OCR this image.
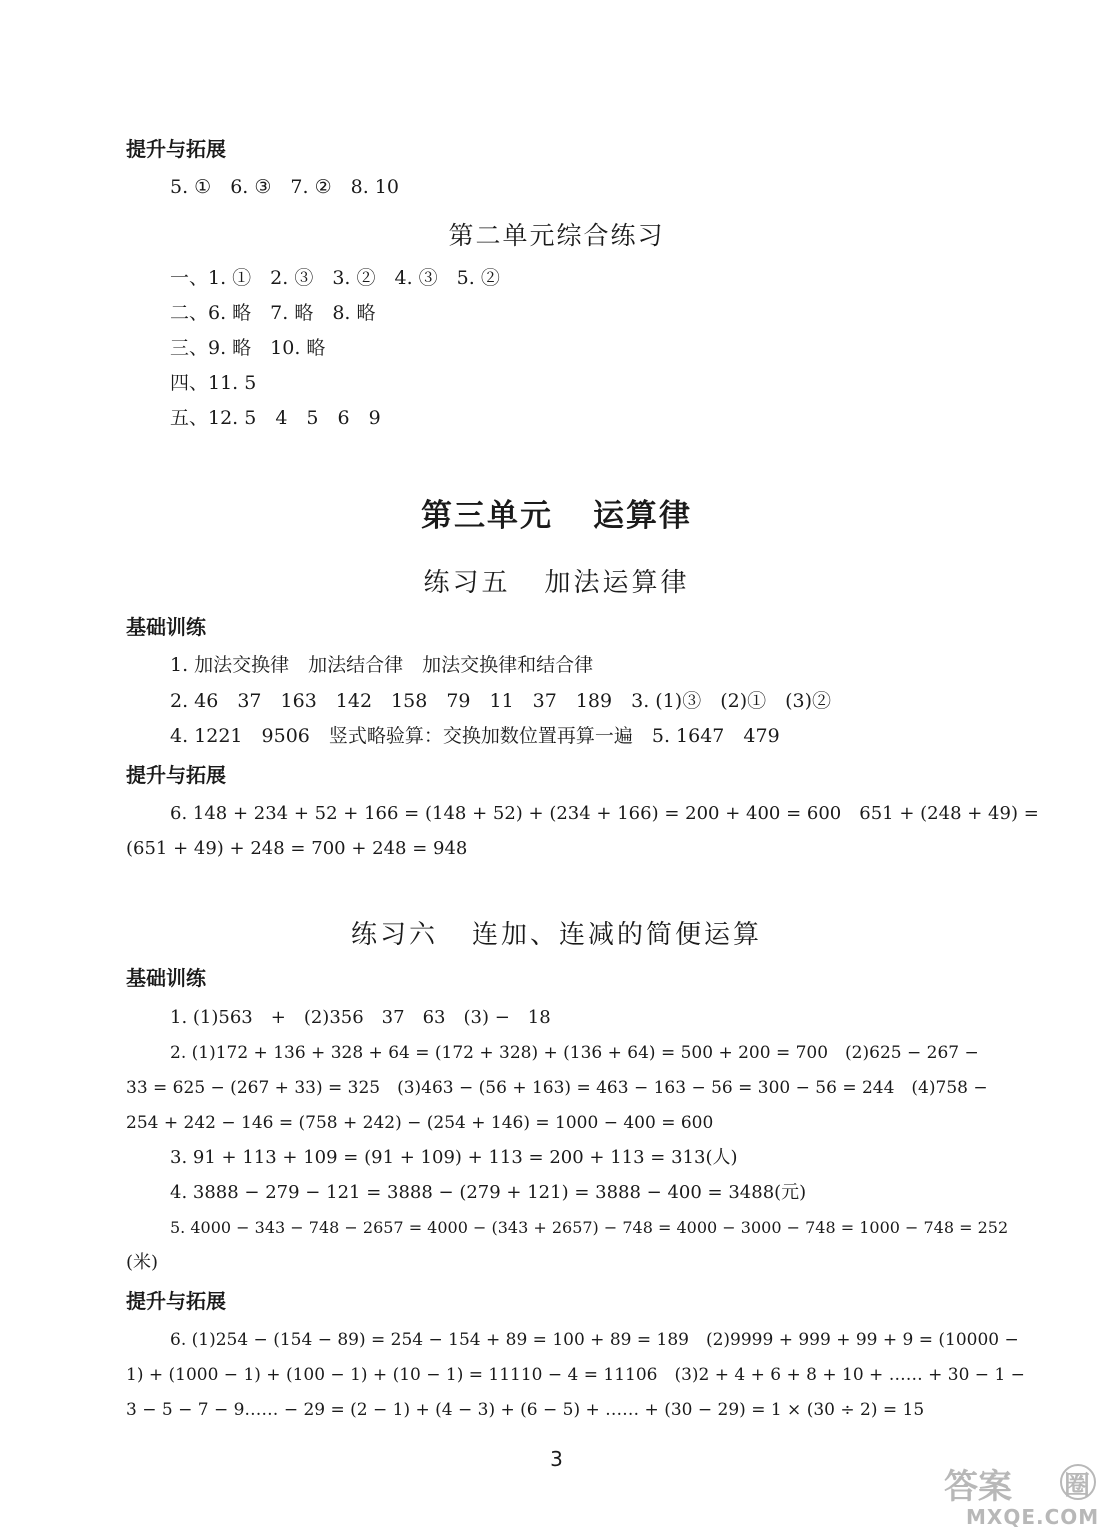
提升与拓展
5. ①　6. ③　7. ②　8. 10
第二单元综合练习
一、1. ①　2. ③　3. ②　4. ③　5. ②
二、6. 略　7. 略　8. 略
三、9. 略　10. 略
四、11. 5
五、12. 5　4　5　6　9
第三单元 运算律
练习五 加法运算律
基础训练
1. 加法交换律　加法结合律　加法交换律和结合律
2. 46　37　163　142　158　79　11　37　189　3. (1)③　(2)①　(3)②
4. 1221　9506　竖式略验算：交换加数位置再算一遍　5. 1647　479
提升与拓展
6. 148 + 234 + 52 + 166 = (148 + 52) + (234 + 166) = 200 + 400 = 600　651 + (248 + 49) =
(651 + 49) + 248 = 700 + 248 = 948
练习六 连加、连减的简便运算
基础训练
1. (1)563　+　(2)356　37　63　(3) −　18
2. (1)172 + 136 + 328 + 64 = (172 + 328) + (136 + 64) = 500 + 200 = 700　(2)625 − 267 −
33 = 625 − (267 + 33) = 325　(3)463 − (56 + 163) = 463 − 163 − 56 = 300 − 56 = 244　(4)758 −
254 + 242 − 146 = (758 + 242) − (254 + 146) = 1000 − 400 = 600
3. 91 + 113 + 109 = (91 + 109) + 113 = 200 + 113 = 313(人)
4. 3888 − 279 − 121 = 3888 − (279 + 121) = 3888 − 400 = 3488(元)
5. 4000 − 343 − 748 − 2657 = 4000 − (343 + 2657) − 748 = 4000 − 3000 − 748 = 1000 − 748 = 252
(米)
提升与拓展
6. (1)254 − (154 − 89) = 254 − 154 + 89 = 100 + 89 = 189　(2)9999 + 999 + 99 + 9 = (10000 −
1) + (1000 − 1) + (100 − 1) + (10 − 1) = 11110 − 4 = 11106　(3)2 + 4 + 6 + 8 + 10 + …… + 30 − 1 −
3 − 5 − 7 − 9…… − 29 = (2 − 1) + (4 − 3) + (6 − 5) + …… + (30 − 29) = 1 × (30 ÷ 2) = 15
3
答案 圈
MXQE.COM
